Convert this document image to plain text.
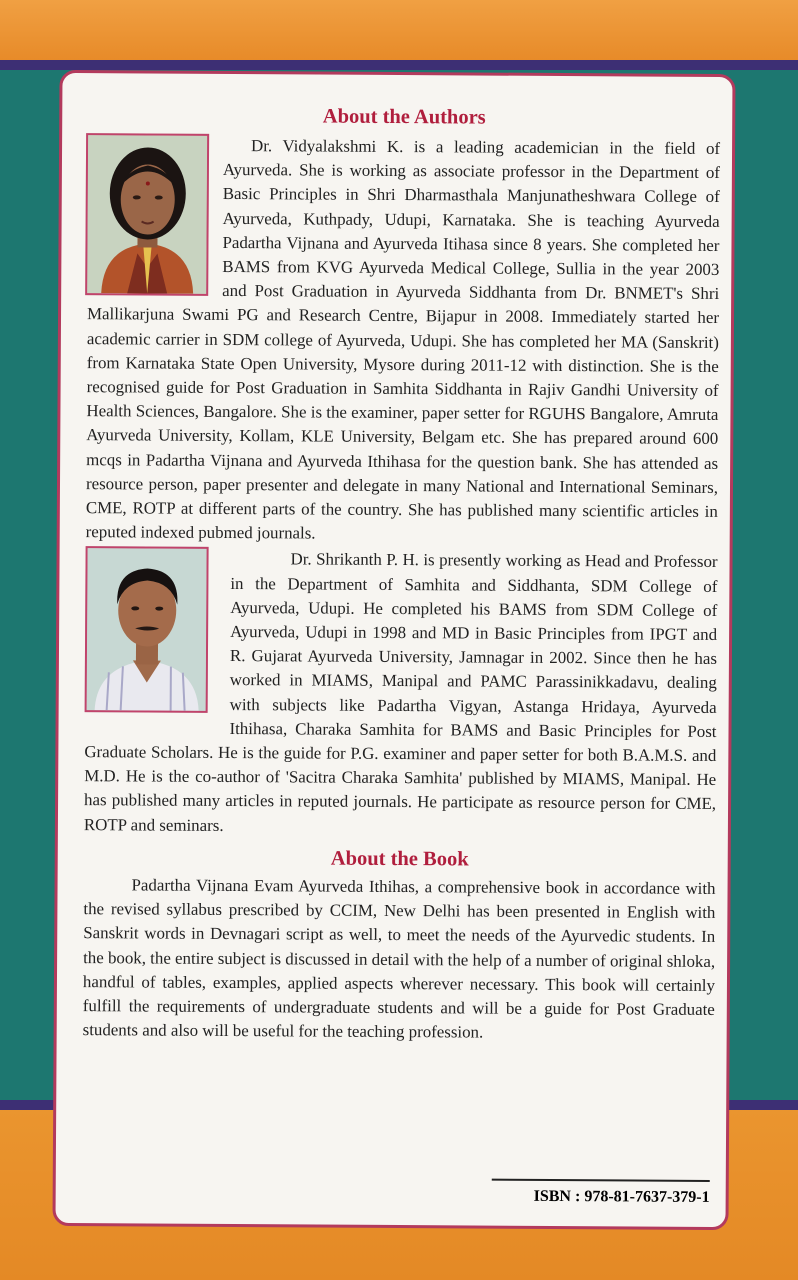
About the Authors

Dr. Vidyalakshmi K. is a leading academician in the field of Ayurveda. She is working as associate professor in the Department of Basic Principles in Shri Dharmasthala Manjunatheshwara College of Ayurveda, Kuthpady, Udupi, Karnataka. She is teaching Ayurveda Padartha Vijnana and Ayurveda Itihasa since 8 years. She completed her BAMS from KVG Ayurveda Medical College, Sullia in the year 2003 and Post Graduation in Ayurveda Siddhanta from Dr. BNMET's Shri Mallikarjuna Swami PG and Research Centre, Bijapur in 2008. Immediately started her academic carrier in SDM college of Ayurveda, Udupi. She has completed her MA (Sanskrit) from Karnataka State Open University, Mysore during 2011-12 with distinction. She is the recognised guide for Post Graduation in Samhita Siddhanta in Rajiv Gandhi University of Health Sciences, Bangalore. She is the examiner, paper setter for RGUHS Bangalore, Amruta Ayurveda University, Kollam, KLE University, Belgam etc. She has prepared around 600 mcqs in Padartha Vijnana and Ayurveda Ithihasa for the question bank. She has attended as resource person, paper presenter and delegate in many National and International Seminars, CME, ROTP at different parts of the country. She has published many scientific articles in reputed indexed pubmed journals.

Dr. Shrikanth P. H. is presently working as Head and Professor in the Department of Samhita and Siddhanta, SDM College of Ayurveda, Udupi. He completed his BAMS from SDM College of Ayurveda, Udupi in 1998 and MD in Basic Principles from IPGT and R. Gujarat Ayurveda University, Jamnagar in 2002. Since then he has worked in MIAMS, Manipal and PAMC Parassinikkadavu, dealing with subjects like Padartha Vigyan, Astanga Hridaya, Ayurveda Ithihasa, Charaka Samhita for BAMS and Basic Principles for Post Graduate Scholars. He is the guide for P.G. examiner and paper setter for both B.A.M.S. and M.D. He is the co-author of 'Sacitra Charaka Samhita' published by MIAMS, Manipal. He has published many articles in reputed journals. He participate as resource person for CME, ROTP and seminars.

About the Book

Padartha Vijnana Evam Ayurveda Ithihas, a comprehensive book in accordance with the revised syllabus prescribed by CCIM, New Delhi has been presented in English with Sanskrit words in Devnagari script as well, to meet the needs of the Ayurvedic students. In the book, the entire subject is discussed in detail with the help of a number of original shloka, handful of tables, examples, applied aspects wherever necessary. This book will certainly fulfill the requirements of undergraduate students and will be a guide for Post Graduate students and also will be useful for the teaching profession.

ISBN : 978-81-7637-379-1
